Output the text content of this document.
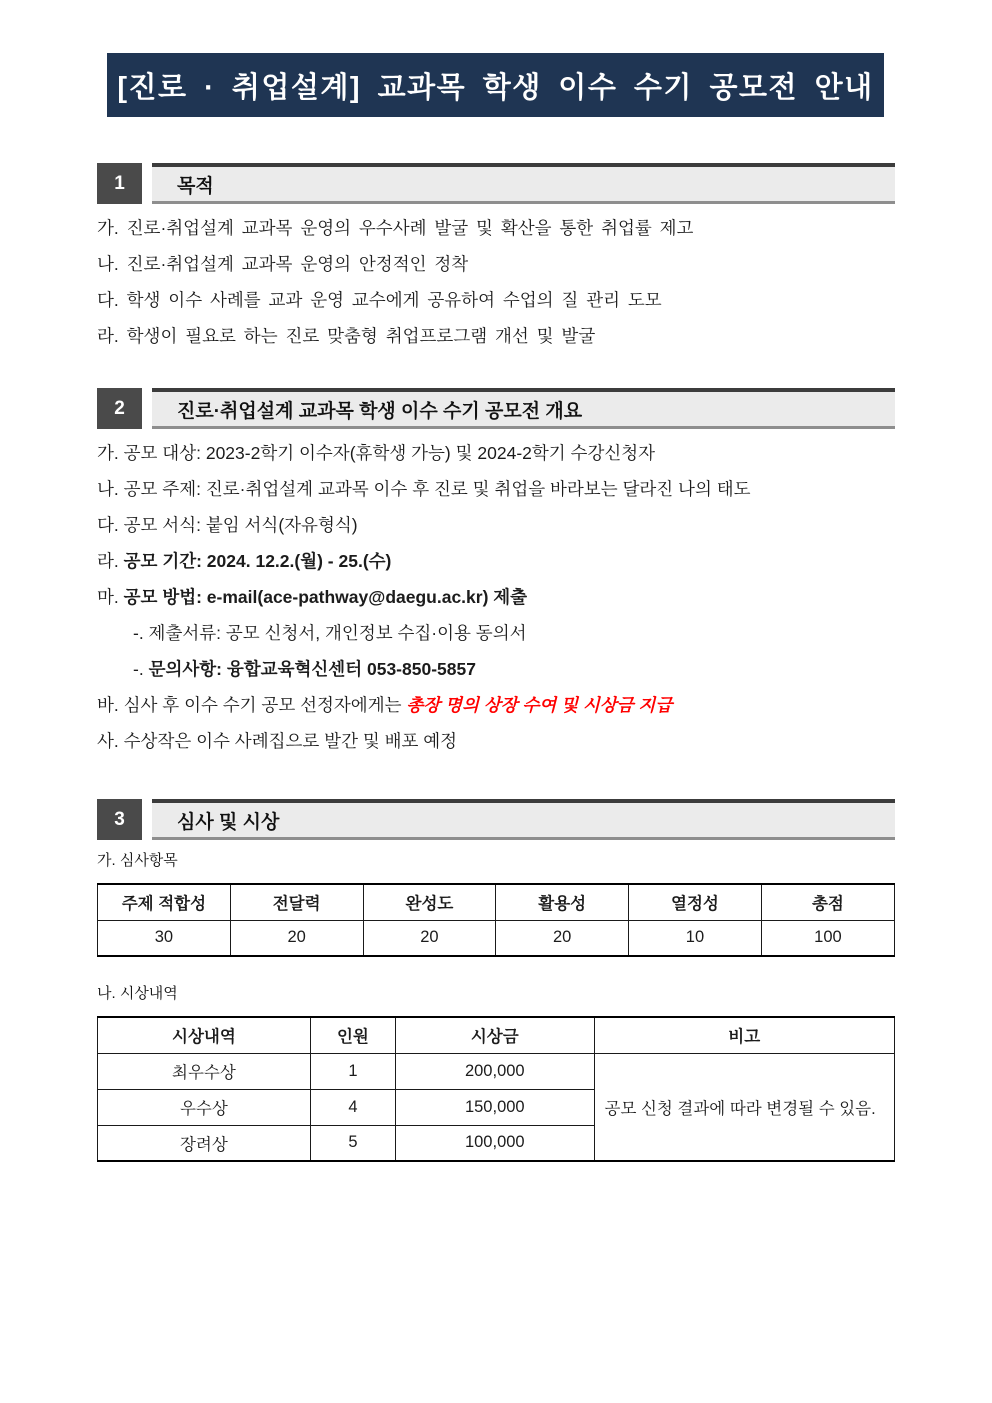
[진로 · 취업설계] 교과목 학생 이수 수기 공모전 안내
1	목적

가. 진로·취업설계 교과목 운영의 우수사례 발굴 및 확산을 통한 취업률 제고

나. 진로·취업설계 교과목 운영의 안정적인 정착

다. 학생 이수 사례를 교과 운영 교수에게 공유하여 수업의 질 관리 도모

라. 학생이 필요로 하는 진로 맞춤형 취업프로그램 개선 및 발굴

2	진로·취업설계 교과목 학생 이수 수기 공모전 개요

가. 공모 대상: 2023-2학기 이수자(휴학생 가능) 및 2024-2학기 수강신청자

나. 공모 주제: 진로·취업설계 교과목 이수 후 진로 및 취업을 바라보는 달라진 나의 태도

다. 공모 서식: 붙임 서식(자유형식)

라. 공모 기간: 2024. 12.2.(월) - 25.(수)

마. 공모 방법: e-mail(ace-pathway@daegu.ac.kr) 제출

-. 제출서류: 공모 신청서, 개인정보 수집·이용 동의서

-. 문의사항: 융합교육혁신센터 053-850-5857

바. 심사 후 이수 수기 공모 선정자에게는 총장 명의 상장 수여 및 시상금 지급

사. 수상작은 이수 사례집으로 발간 및 배포 예정

3	심사 및 시상

가. 심사항목

주제 적합성	전달력	완성도	활용성	열정성	총점
30	20	20	20	10	100

나. 시상내역

시상내역	인원	시상금	비고
최우수상	1	200,000	공모 신청 결과에 따라 변경될 수 있음.
우수상	4	150,000	
장려상	5	100,000	
